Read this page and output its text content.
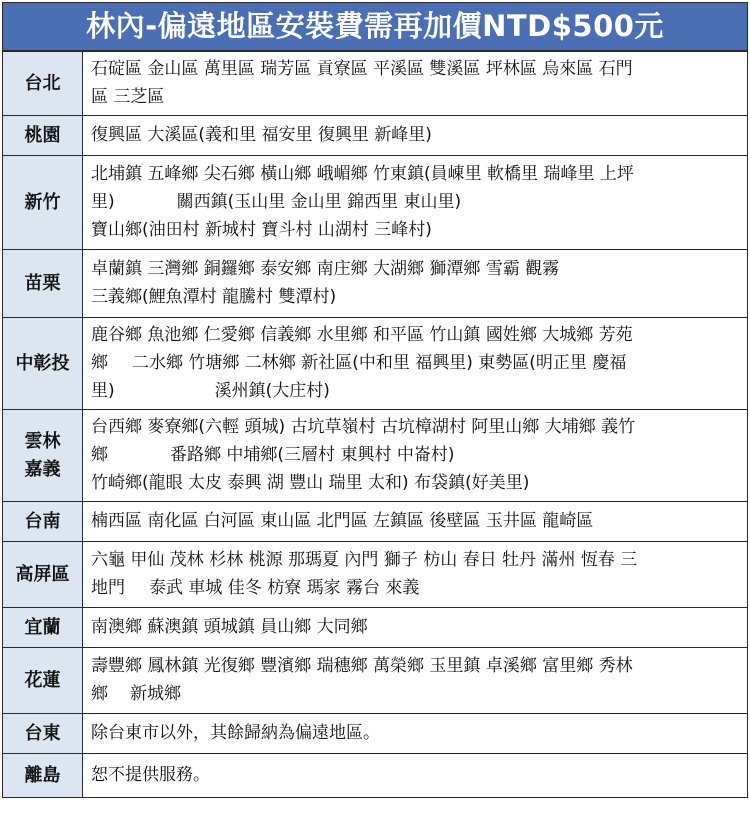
林內-偏遠地區安裝費需再加價NTD$500元
台北	石碇區 金山區 萬里區 瑞芳區 貢寮區 平溪區 雙溪區 坪林區 烏來區 石門
區 三芝區

桃園	復興區 大溪區(義和里 福安里 復興里 新峰里)

新竹	北埔鎮 五峰鄉 尖石鄉 橫山鄉 峨嵋鄉 竹東鎮(員崠里 軟橋里 瑞峰里 上坪
里) 關西鎮(玉山里 金山里 錦西里 東山里)
寶山鄉(油田村 新城村 寶斗村 山湖村 三峰村)

苗栗	卓蘭鎮 三灣鄉 銅鑼鄉 泰安鄉 南庄鄉 大湖鄉 獅潭鄉 雪霸 觀霧
三義鄉(鯉魚潭村 龍騰村 雙潭村)

中彰投	鹿谷鄉 魚池鄉 仁愛鄉 信義鄉 水里鄉 和平區 竹山鎮 國姓鄉 大城鄉 芳苑
鄉 二水鄉 竹塘鄉 二林鄉 新社區(中和里 福興里) 東勢區(明正里 慶福
里) 溪州鎮(大庄村)

雲林
嘉義	台西鄉 麥寮鄉(六輕 頭城) 古坑草嶺村 古坑樟湖村 阿里山鄉 大埔鄉 義竹
鄉 番路鄉 中埔鄉(三層村 東興村 中崙村)
竹崎鄉(龍眼 太皮 泰興 湖 豐山 瑞里 太和) 布袋鎮(好美里)

台南	楠西區 南化區 白河區 東山區 北門區 左鎮區 後壁區 玉井區 龍崎區

高屏區	六龜 甲仙 茂林 杉林 桃源 那瑪夏 內門 獅子 枋山 春日 牡丹 滿州 恆春 三
地門 泰武 車城 佳冬 枋寮 瑪家 霧台 來義

宜蘭	南澳鄉 蘇澳鎮 頭城鎮 員山鄉 大同鄉

花蓮	壽豐鄉 鳳林鎮 光復鄉 豐濱鄉 瑞穗鄉 萬榮鄉 玉里鎮 卓溪鄉 富里鄉 秀林
鄉 新城鄉

台東	除台東市以外，其餘歸納為偏遠地區。

離島	恕不提供服務。
